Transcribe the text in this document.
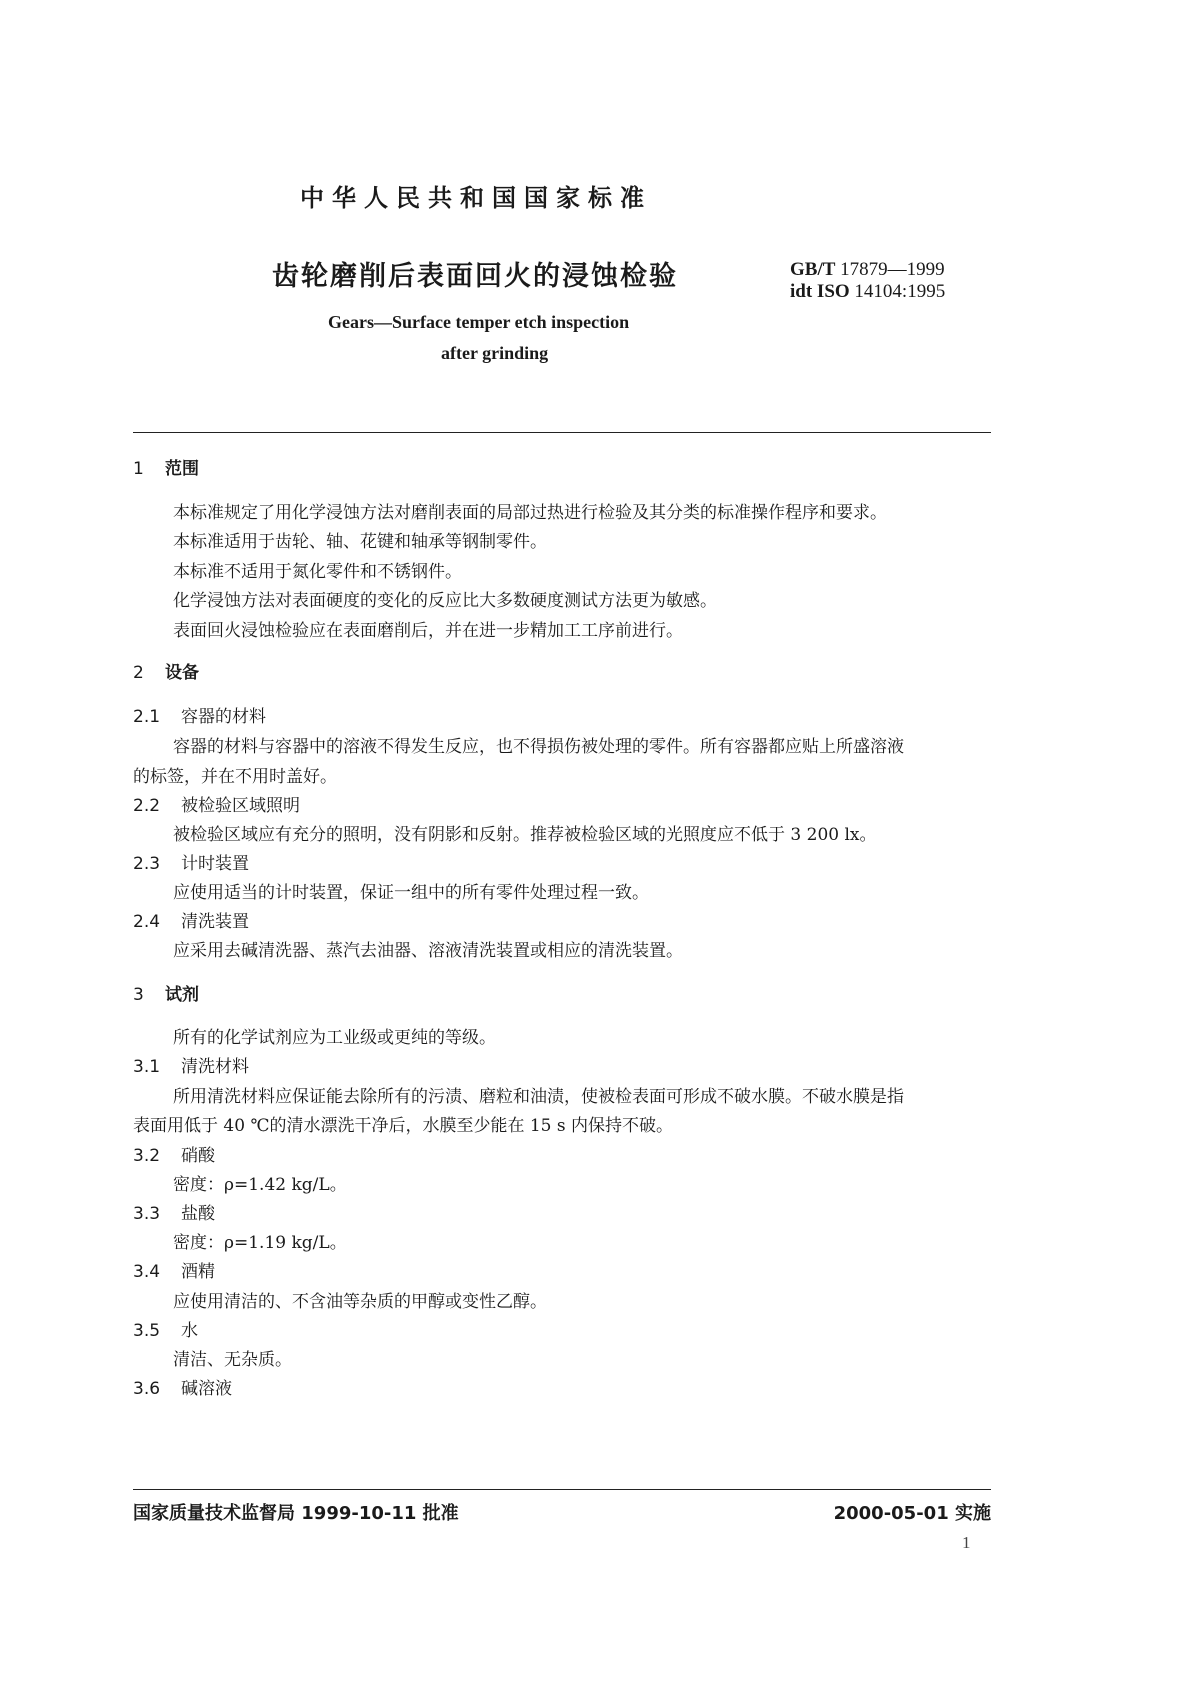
中华人民共和国国家标准
齿轮磨削后表面回火的浸蚀检验	GB/T 17879—1999
idt ISO 14104:1995
Gears—Surface temper etch inspection
after grinding
1 范围
本标准规定了用化学浸蚀方法对磨削表面的局部过热进行检验及其分类的标准操作程序和要求。
本标准适用于齿轮、轴、花键和轴承等钢制零件。
本标准不适用于氮化零件和不锈钢件。
化学浸蚀方法对表面硬度的变化的反应比大多数硬度测试方法更为敏感。
表面回火浸蚀检验应在表面磨削后，并在进一步精加工工序前进行。
2 设备
2.1 容器的材料
容器的材料与容器中的溶液不得发生反应，也不得损伤被处理的零件。所有容器都应贴上所盛溶液
的标签，并在不用时盖好。
2.2 被检验区域照明
被检验区域应有充分的照明，没有阴影和反射。推荐被检验区域的光照度应不低于 3 200 lx。
2.3 计时装置
应使用适当的计时装置，保证一组中的所有零件处理过程一致。
2.4 清洗装置
应采用去碱清洗器、蒸汽去油器、溶液清洗装置或相应的清洗装置。
3 试剂
所有的化学试剂应为工业级或更纯的等级。
3.1 清洗材料
所用清洗材料应保证能去除所有的污渍、磨粒和油渍，使被检表面可形成不破水膜。不破水膜是指
表面用低于 40 ℃的清水漂洗干净后，水膜至少能在 15 s 内保持不破。
3.2 硝酸
密度：ρ=1.42 kg/L。
3.3 盐酸
密度：ρ=1.19 kg/L。
3.4 酒精
应使用清洁的、不含油等杂质的甲醇或变性乙醇。
3.5 水
清洁、无杂质。
3.6 碱溶液
国家质量技术监督局 1999-10-11 批准	2000-05-01 实施
1
